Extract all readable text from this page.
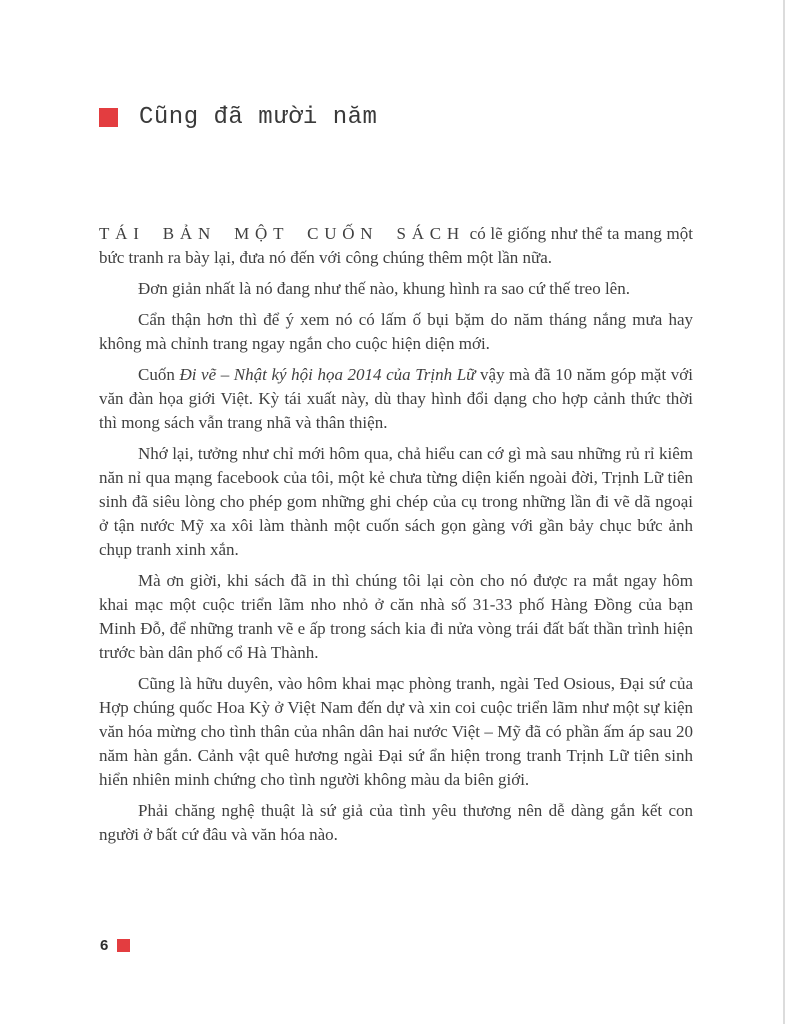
Cũng đã mười năm

TÁI BẢN MỘT CUỐN SÁCH có lẽ giống như thể ta mang một bức tranh ra bày lại, đưa nó đến với công chúng thêm một lần nữa.

Đơn giản nhất là nó đang như thế nào, khung hình ra sao cứ thế treo lên.

Cẩn thận hơn thì để ý xem nó có lấm ố bụi bặm do năm tháng nắng mưa hay không mà chỉnh trang ngay ngắn cho cuộc hiện diện mới.

Cuốn Đi vẽ – Nhật ký hội họa 2014 của Trịnh Lữ vậy mà đã 10 năm góp mặt với văn đàn họa giới Việt. Kỳ tái xuất này, dù thay hình đổi dạng cho hợp cảnh thức thời thì mong sách vẫn trang nhã và thân thiện.

Nhớ lại, tưởng như chỉ mới hôm qua, chả hiểu can cớ gì mà sau những rủ rỉ kiêm năn nỉ qua mạng facebook của tôi, một kẻ chưa từng diện kiến ngoài đời, Trịnh Lữ tiên sinh đã siêu lòng cho phép gom những ghi chép của cụ trong những lần đi vẽ dã ngoại ở tận nước Mỹ xa xôi làm thành một cuốn sách gọn gàng với gần bảy chục bức ảnh chụp tranh xinh xắn.

Mà ơn giời, khi sách đã in thì chúng tôi lại còn cho nó được ra mắt ngay hôm khai mạc một cuộc triển lãm nho nhỏ ở căn nhà số 31-33 phố Hàng Đồng của bạn Minh Đỗ, để những tranh vẽ e ấp trong sách kia đi nửa vòng trái đất bất thần trình hiện trước bàn dân phố cổ Hà Thành.

Cũng là hữu duyên, vào hôm khai mạc phòng tranh, ngài Ted Osious, Đại sứ của Hợp chúng quốc Hoa Kỳ ở Việt Nam đến dự và xin coi cuộc triển lãm như một sự kiện văn hóa mừng cho tình thân của nhân dân hai nước Việt – Mỹ đã có phần ấm áp sau 20 năm hàn gắn. Cảnh vật quê hương ngài Đại sứ ẩn hiện trong tranh Trịnh Lữ tiên sinh hiển nhiên minh chứng cho tình người không màu da biên giới.

Phải chăng nghệ thuật là sứ giả của tình yêu thương nên dễ dàng gắn kết con người ở bất cứ đâu và văn hóa nào.

6
